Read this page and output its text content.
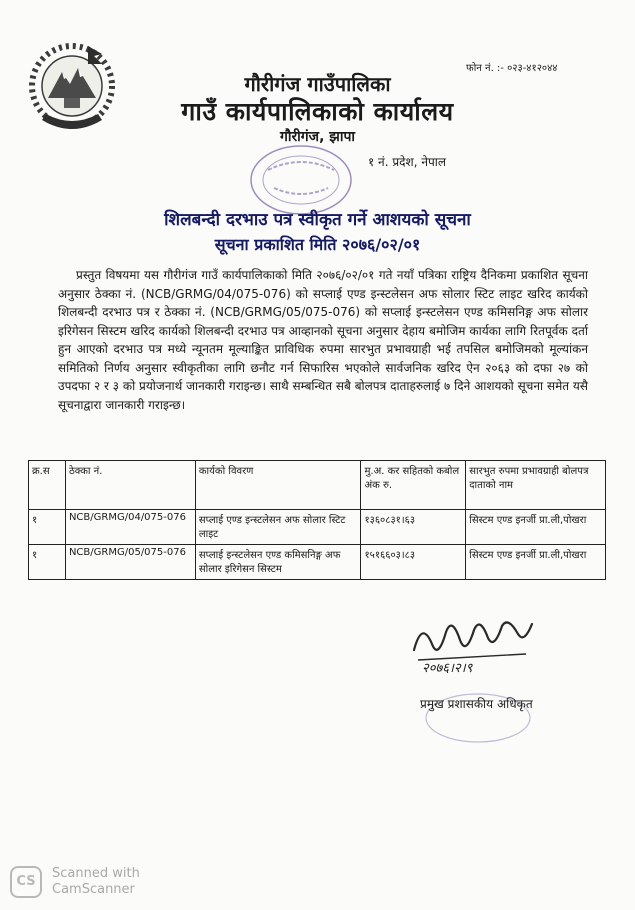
फोन नं. :- ०२३-४१२०४४
गौरीगंज गाउँपालिका
गाउँ कार्यपालिकाको कार्यालय
गौरीगंज, झापा
१ नं. प्रदेश, नेपाल
शिलबन्दी दरभाउ पत्र स्वीकृत गर्ने आशयको सूचना
सूचना प्रकाशित मिति २०७६/०२/०१

प्रस्तुत विषयमा यस गौरीगंज गाउँ कार्यपालिकाको मिति २०७६/०२/०१ गते नयाँ पत्रिका राष्ट्रिय दैनिकमा प्रकाशित सूचना अनुसार ठेक्का नं. (NCB/GRMG/04/075-076) को सप्लाई एण्ड इन्स्टलेसन अफ सोलार स्टिट लाइट खरिद कार्यको शिलबन्दी दरभाउ पत्र र ठेक्का नं. (NCB/GRMG/05/075-076) को सप्लाई इन्स्टलेसन एण्ड कमिसनिङ्ग अफ सोलार इरिगेसन सिस्टम खरिद कार्यको शिलबन्दी दरभाउ पत्र आव्हानको सूचना अनुसार देहाय बमोजिम कार्यका लागि रितपूर्वक दर्ता हुन आएको दरभाउ पत्र मध्ये न्यूनतम मूल्याङ्कित प्राविधिक रुपमा सारभुत प्रभावग्राही भई तपसिल बमोजिमको मूल्यांकन समितिको निर्णय अनुसार स्वीकृतीका लागि छनौट गर्न सिफारिस भएकोले सार्वजनिक खरिद ऐन २०६३ को दफा २७ को उपदफा २ र ३ को प्रयोजनार्थ जानकारी गराइन्छ। साथै सम्बन्धित सबै बोलपत्र दाताहरुलाई ७ दिने आशयको सूचना समेत यसै सूचनाद्वारा जानकारी गराइन्छ।

क्र.स	ठेक्का नं.	कार्यको विवरण	मु.अ. कर सहितको कबोल अंक रु.	सारभुत रुपमा प्रभावग्राही बोलपत्र दाताको नाम
१	NCB/GRMG/04/075-076	सप्लाई एण्ड इन्स्टलेसन अफ सोलार स्टिट लाइट	१३६०८३१।६३	सिस्टम एण्ड इनर्जी प्रा.ली,पोखरा
१	NCB/GRMG/05/075-076	सप्लाई इन्स्टलेसन एण्ड कमिसनिङ्ग अफ सोलार इरिगेसन सिस्टम	१५१६६०३।८३	सिस्टम एण्ड इनर्जी प्रा.ली,पोखरा
२०७६।२।९
प्रमुख प्रशासकीय अधिकृत
CS
Scanned with
CamScanner
